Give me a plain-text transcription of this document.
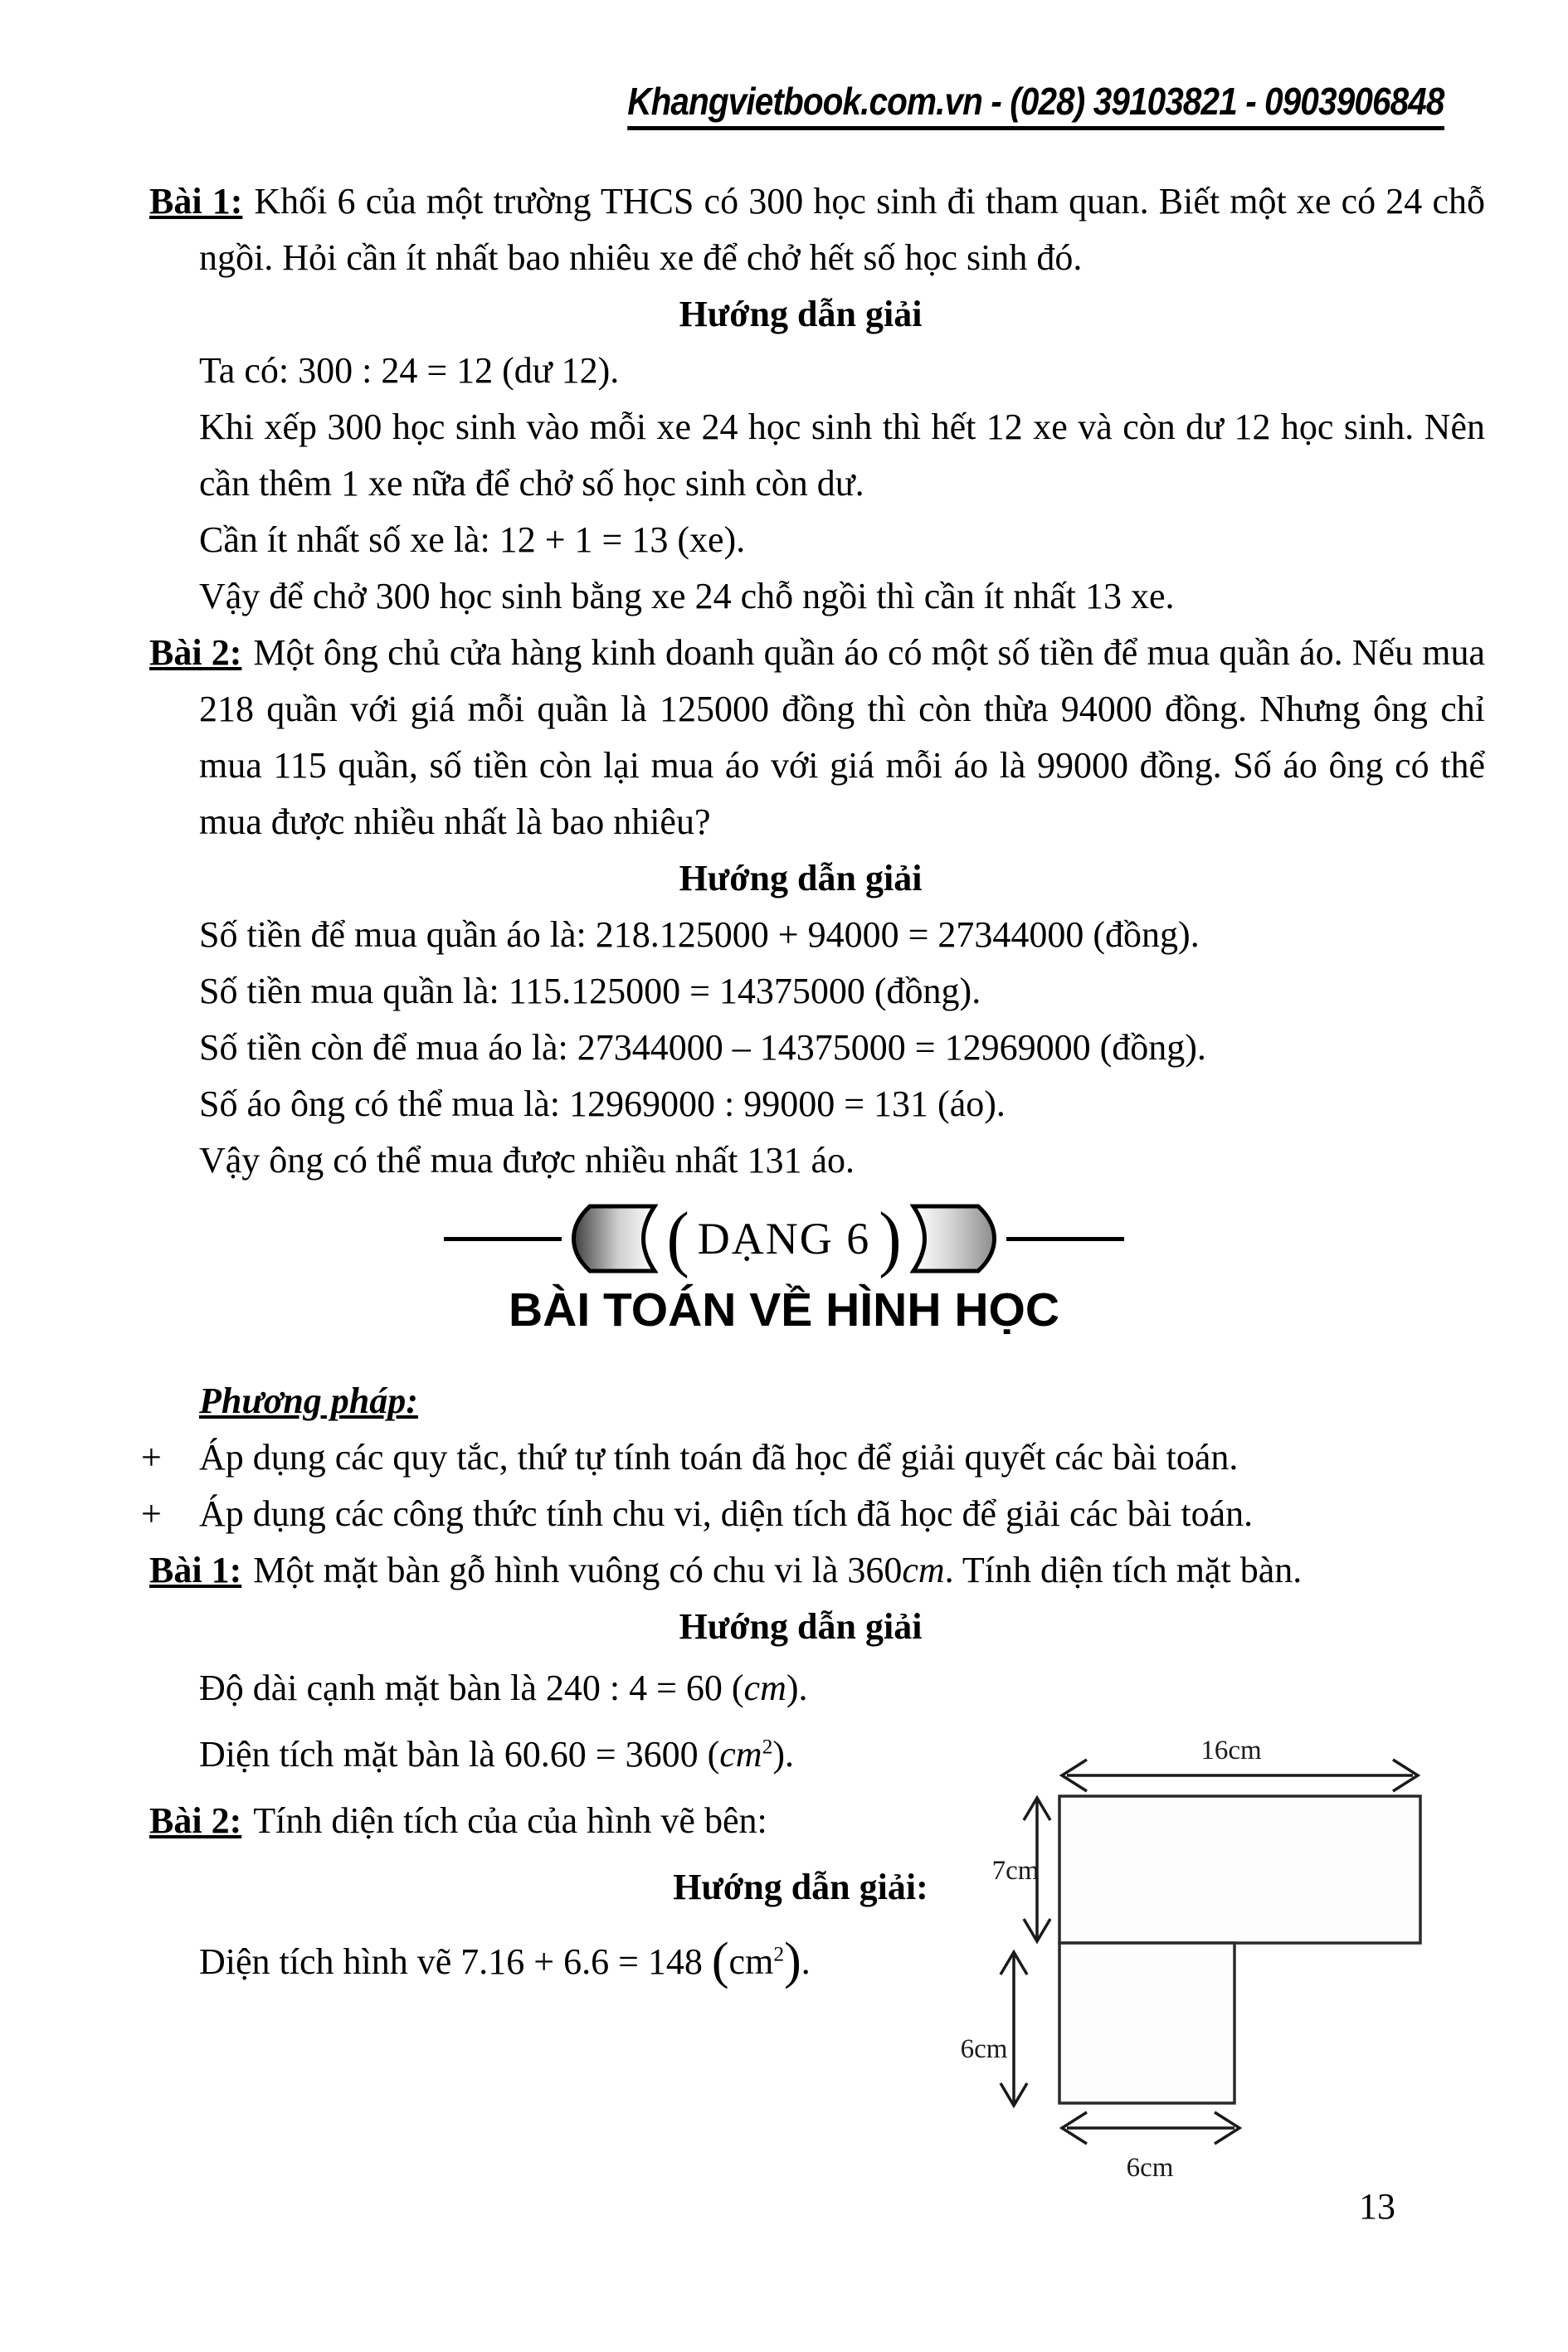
Khangvietbook.com.vn - (028) 39103821 - 0903906848
Bài 1: Khối 6 của một trường THCS có 300 học sinh đi tham quan. Biết một xe có 24 chỗ ngồi. Hỏi cần ít nhất bao nhiêu xe để chở hết số học sinh đó.
Hướng dẫn giải
Ta có: 300 : 24 = 12 (dư 12).
Khi xếp 300 học sinh vào mỗi xe 24 học sinh thì hết 12 xe và còn dư 12 học sinh. Nên cần thêm 1 xe nữa để chở số học sinh còn dư.
Cần ít nhất số xe là: 12 + 1 = 13 (xe).
Vậy để chở 300 học sinh bằng xe 24 chỗ ngồi thì cần ít nhất 13 xe.
Bài 2: Một ông chủ cửa hàng kinh doanh quần áo có một số tiền để mua quần áo. Nếu mua 218 quần với giá mỗi quần là 125000 đồng thì còn thừa 94000 đồng. Nhưng ông chỉ mua 115 quần, số tiền còn lại mua áo với giá mỗi áo là 99000 đồng. Số áo ông có thể mua được nhiều nhất là bao nhiêu?
Hướng dẫn giải
Số tiền để mua quần áo là: 218.125000 + 94000 = 27344000 (đồng).
Số tiền mua quần là: 115.125000 = 14375000 (đồng).
Số tiền còn để mua áo là: 27344000 – 14375000 = 12969000 (đồng).
Số áo ông có thể mua là: 12969000 : 99000 = 131 (áo).
Vậy ông có thể mua được nhiều nhất 131 áo.
( DẠNG 6 )
BÀI TOÁN VỀ HÌNH HỌC
Phương pháp:
+ Áp dụng các quy tắc, thứ tự tính toán đã học để giải quyết các bài toán.
+ Áp dụng các công thức tính chu vi, diện tích đã học để giải các bài toán.
Bài 1: Một mặt bàn gỗ hình vuông có chu vi là 360cm. Tính diện tích mặt bàn.
Hướng dẫn giải
Độ dài cạnh mặt bàn là 240 : 4 = 60 (cm).
Diện tích mặt bàn là 60.60 = 3600 $(cm^2)$.
Bài 2: Tính diện tích của của hình vẽ bên:
Hướng dẫn giải:
Diện tích hình vẽ 7.16 + 6.6 = 148 $(cm^2)$.
16cm
7cm
6cm
6cm
13
